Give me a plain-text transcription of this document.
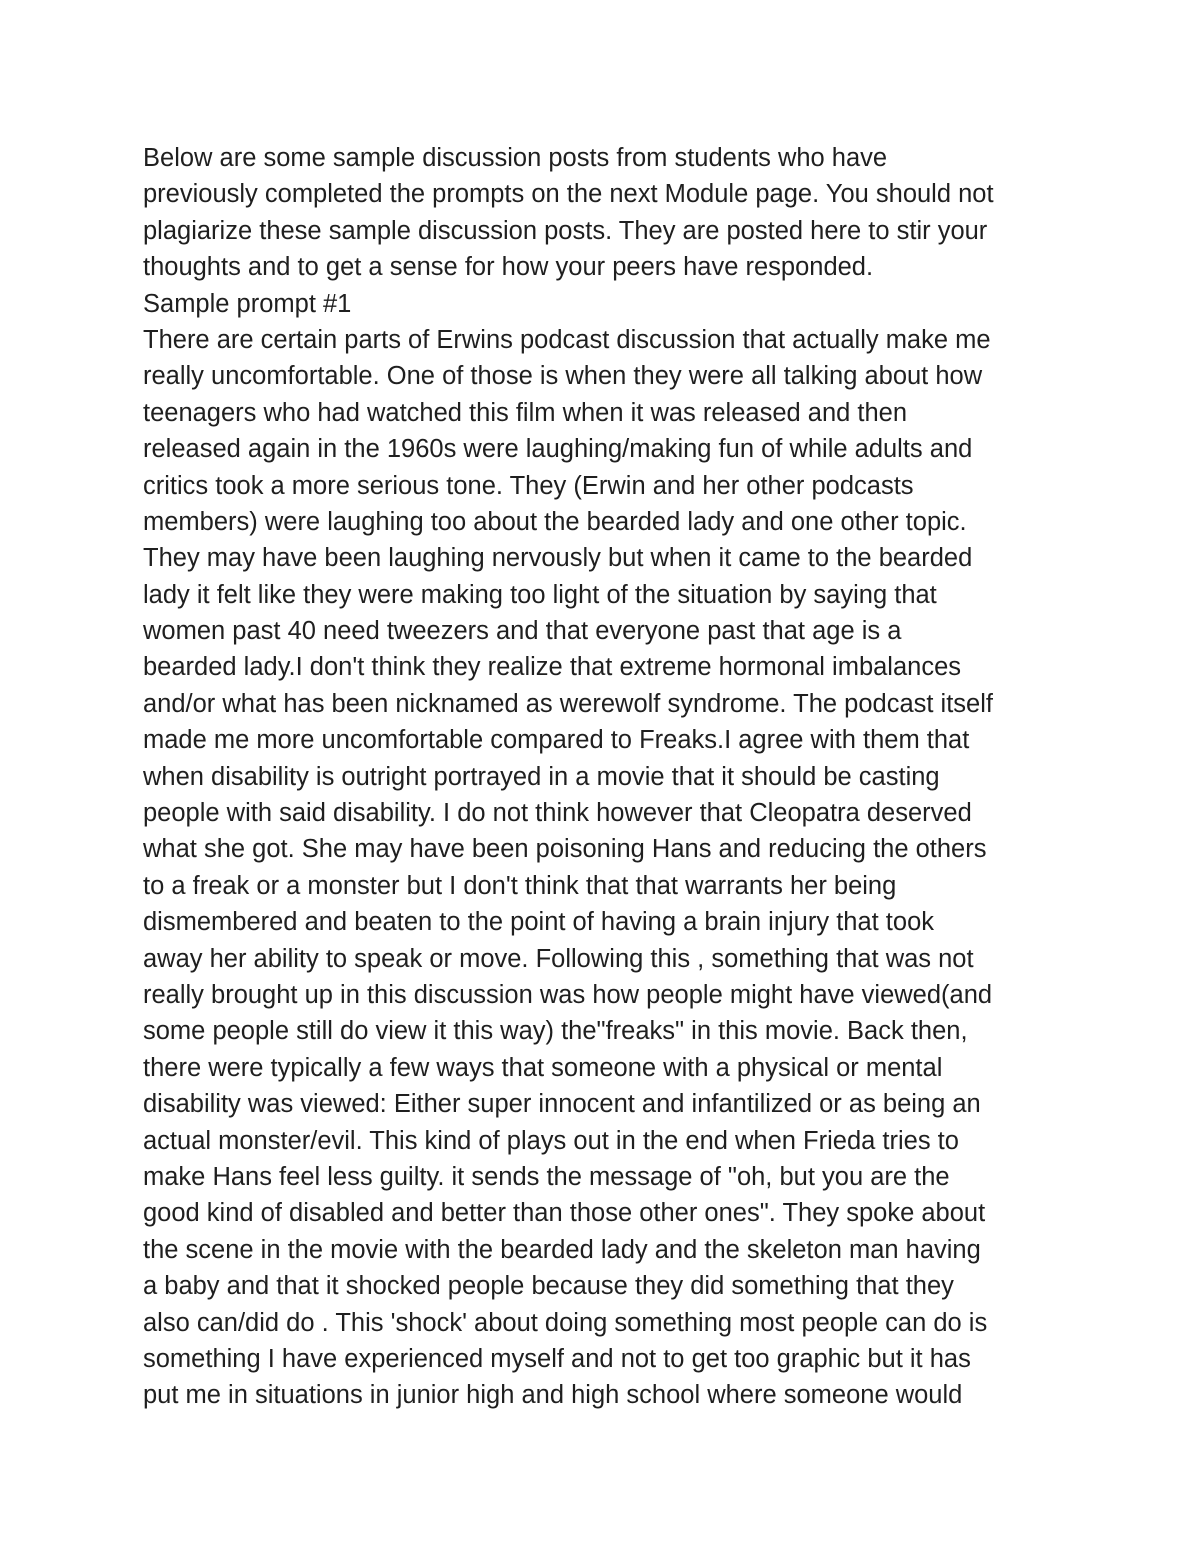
Below are some sample discussion posts from students who have
previously completed the prompts on the next Module page. You should not
plagiarize these sample discussion posts. They are posted here to stir your
thoughts and to get a sense for how your peers have responded.
Sample prompt #1
There are certain parts of Erwins podcast discussion that actually make me
really uncomfortable. One of those is when they were all talking about how
teenagers who had watched this film when it was released and then
released again in the 1960s were laughing/making fun of while adults and
critics took a more serious tone. They (Erwin and her other podcasts
members) were laughing too about the bearded lady and one other topic.
They may have been laughing nervously but when it came to the bearded
lady it felt like they were making too light of the situation by saying that
women past 40 need tweezers and that everyone past that age is a
bearded lady.I don't think they realize that extreme hormonal imbalances
and/or what has been nicknamed as werewolf syndrome. The podcast itself
made me more uncomfortable compared to Freaks.I agree with them that
when disability is outright portrayed in a movie that it should be casting
people with said disability. I do not think however that Cleopatra deserved
what she got. She may have been poisoning Hans and reducing the others
to a freak or a monster but I don't think that that warrants her being
dismembered and beaten to the point of having a brain injury that took
away her ability to speak or move. Following this , something that was not
really brought up in this discussion was how people might have viewed(and
some people still do view it this way) the"freaks" in this movie. Back then,
there were typically a few ways that someone with a physical or mental
disability was viewed: Either super innocent and infantilized or as being an
actual monster/evil. This kind of plays out in the end when Frieda tries to
make Hans feel less guilty. it sends the message of "oh, but you are the
good kind of disabled and better than those other ones". They spoke about
the scene in the movie with the bearded lady and the skeleton man having
a baby and that it shocked people because they did something that they
also can/did do . This 'shock' about doing something most people can do is
something I have experienced myself and not to get too graphic but it has
put me in situations in junior high and high school where someone would
